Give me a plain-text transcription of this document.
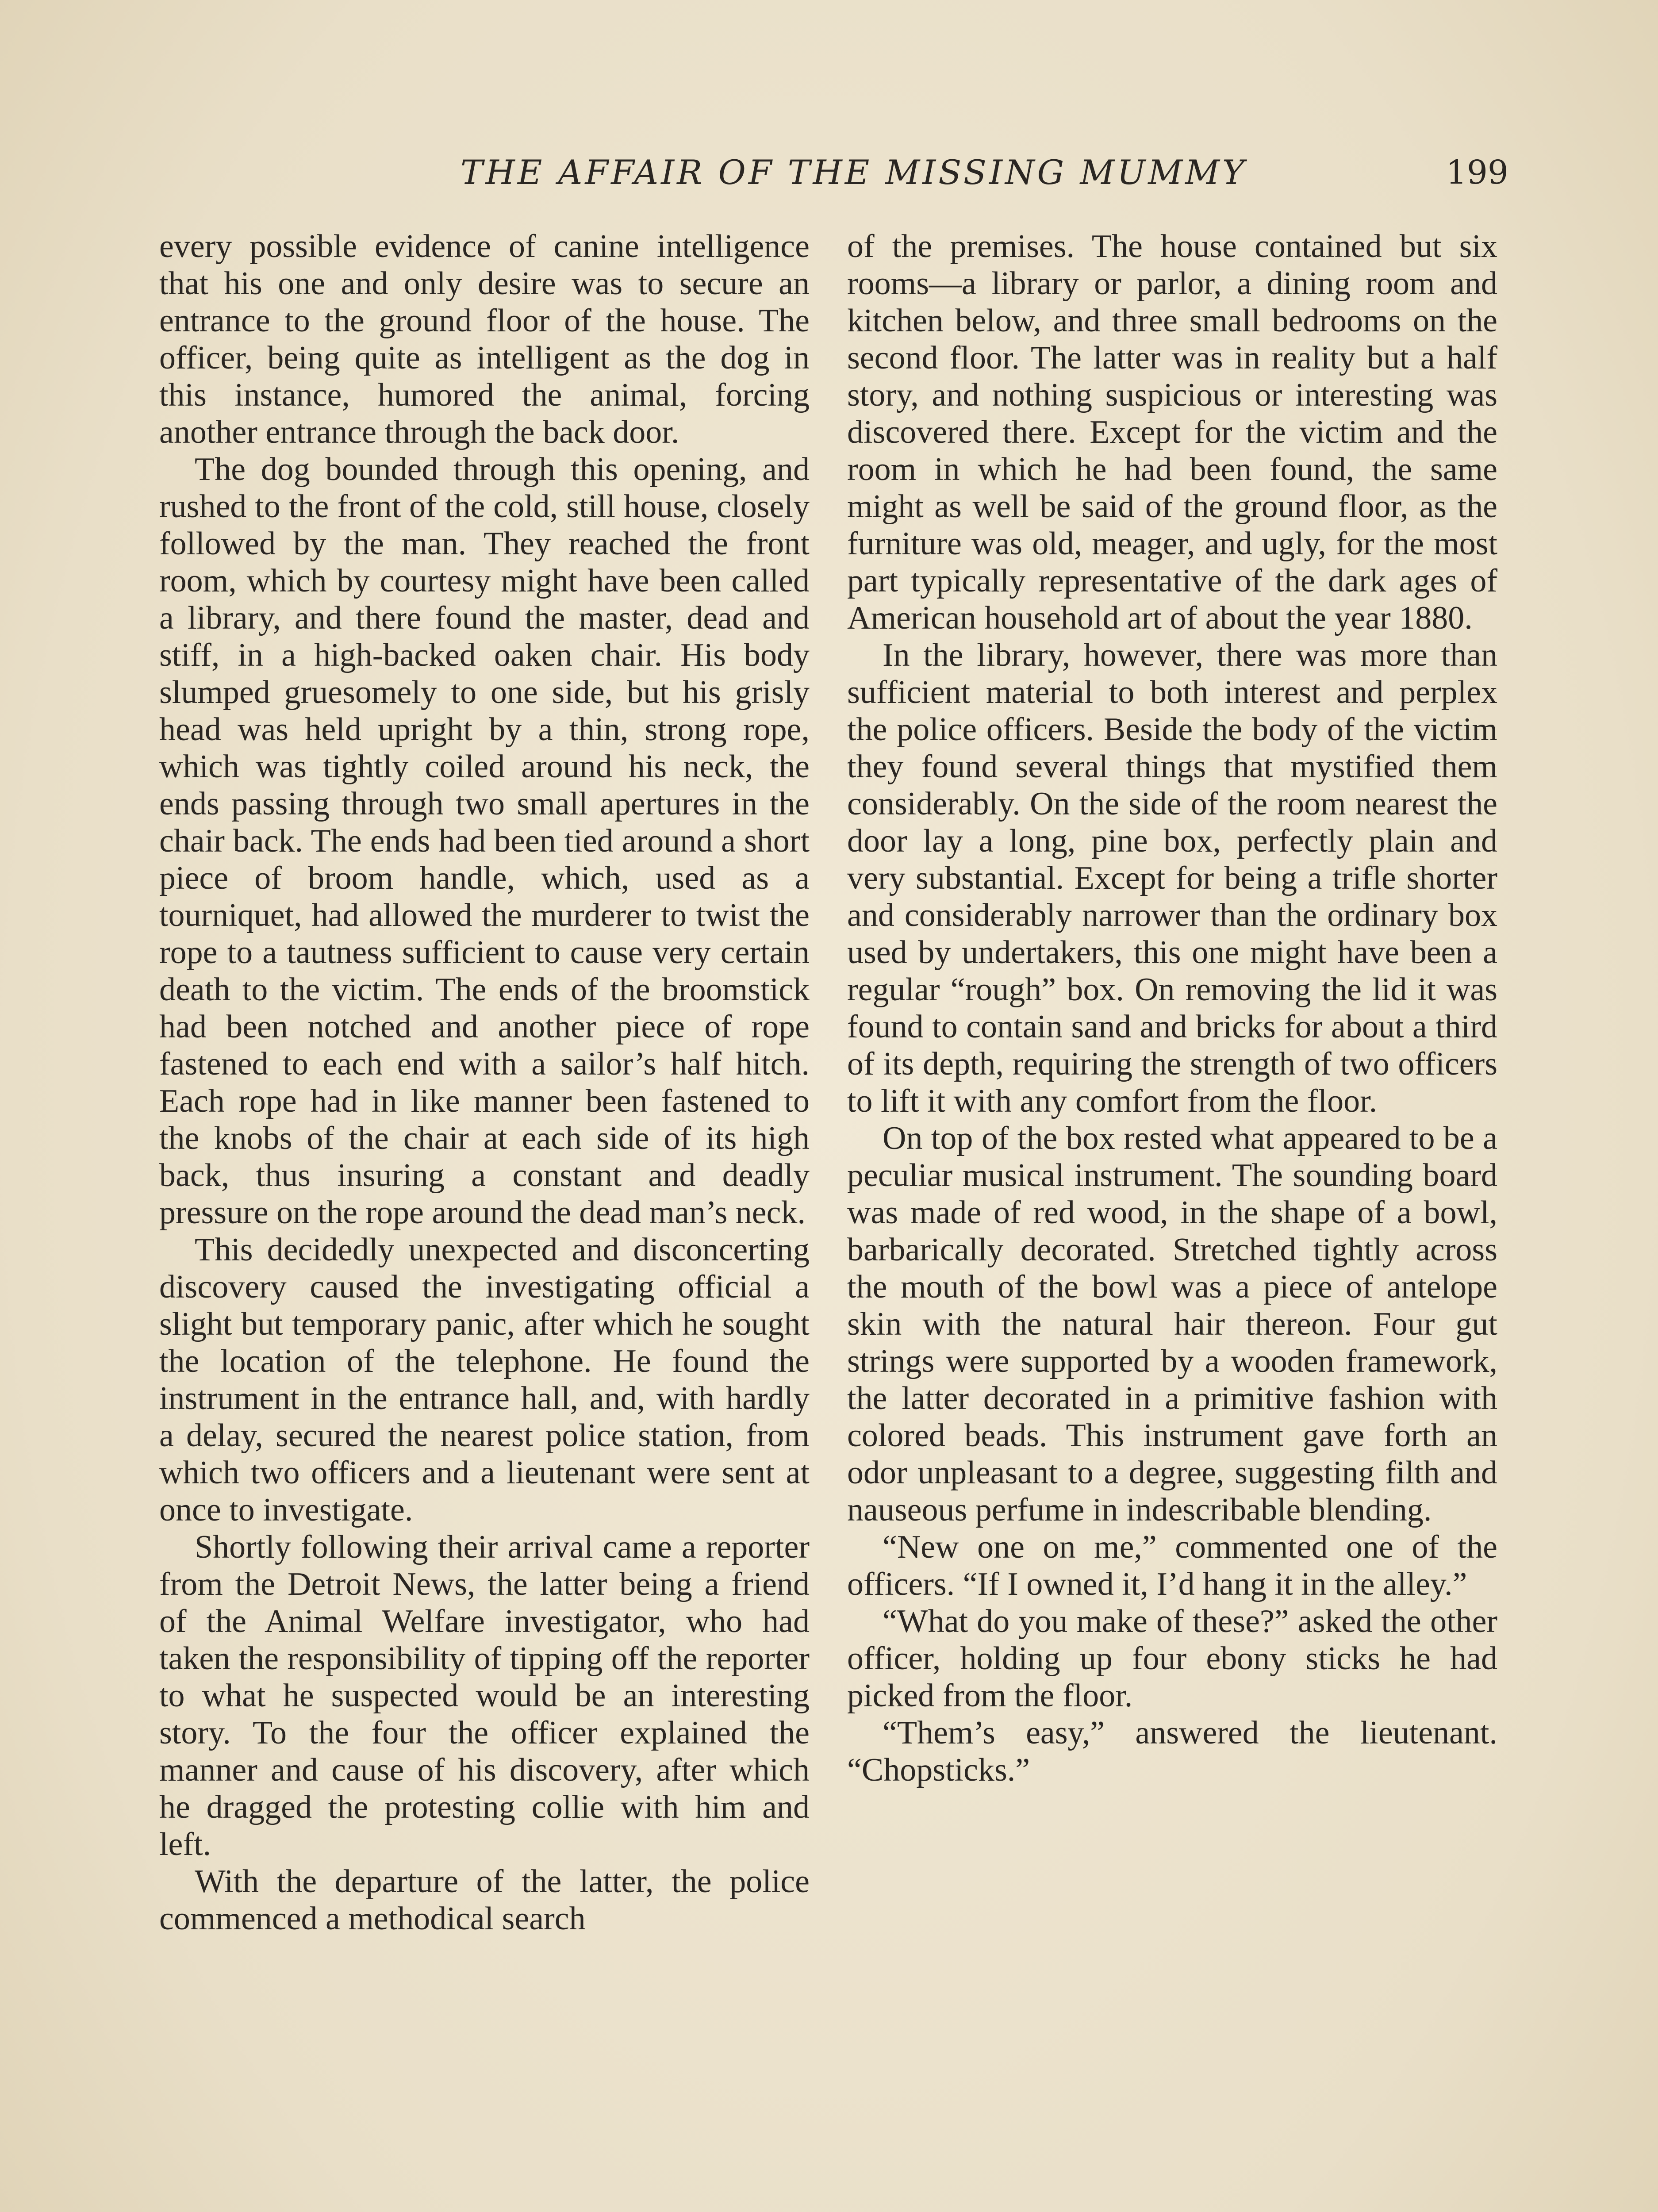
THE AFFAIR OF THE MISSING MUMMY	199

every possible evidence of canine intelligence that his one and only desire was to secure an entrance to the ground floor of the house. The officer, being quite as intelligent as the dog in this instance, humored the animal, forcing another entrance through the back door.

The dog bounded through this opening, and rushed to the front of the cold, still house, closely followed by the man. They reached the front room, which by courtesy might have been called a library, and there found the master, dead and stiff, in a high-backed oaken chair. His body slumped gruesomely to one side, but his grisly head was held upright by a thin, strong rope, which was tightly coiled around his neck, the ends passing through two small apertures in the chair back. The ends had been tied around a short piece of broom handle, which, used as a tourniquet, had allowed the murderer to twist the rope to a tautness sufficient to cause very certain death to the victim. The ends of the broomstick had been notched and another piece of rope fastened to each end with a sailor’s half hitch. Each rope had in like manner been fastened to the knobs of the chair at each side of its high back, thus insuring a constant and deadly pressure on the rope around the dead man’s neck.

This decidedly unexpected and disconcerting discovery caused the investigating official a slight but temporary panic, after which he sought the location of the telephone. He found the instrument in the entrance hall, and, with hardly a delay, secured the nearest police station, from which two officers and a lieutenant were sent at once to investigate.

Shortly following their arrival came a reporter from the Detroit News, the latter being a friend of the Animal Welfare investigator, who had taken the responsibility of tipping off the reporter to what he suspected would be an interesting story. To the four the officer explained the manner and cause of his discovery, after which he dragged the protesting collie with him and left.

With the departure of the latter, the police commenced a methodical search

of the premises. The house contained but six rooms—a library or parlor, a dining room and kitchen below, and three small bedrooms on the second floor. The latter was in reality but a half story, and nothing suspicious or interesting was discovered there. Except for the victim and the room in which he had been found, the same might as well be said of the ground floor, as the furniture was old, meager, and ugly, for the most part typically representative of the dark ages of American household art of about the year 1880.

In the library, however, there was more than sufficient material to both interest and perplex the police officers. Beside the body of the victim they found several things that mystified them considerably. On the side of the room nearest the door lay a long, pine box, perfectly plain and very substantial. Except for being a trifle shorter and considerably narrower than the ordinary box used by undertakers, this one might have been a regular “rough” box. On removing the lid it was found to contain sand and bricks for about a third of its depth, requiring the strength of two officers to lift it with any comfort from the floor.

On top of the box rested what appeared to be a peculiar musical instrument. The sounding board was made of red wood, in the shape of a bowl, barbarically decorated. Stretched tightly across the mouth of the bowl was a piece of antelope skin with the natural hair thereon. Four gut strings were supported by a wooden framework, the latter decorated in a primitive fashion with colored beads. This instrument gave forth an odor unpleasant to a degree, suggesting filth and nauseous perfume in indescribable blending.

“New one on me,” commented one of the officers. “If I owned it, I’d hang it in the alley.”

“What do you make of these?” asked the other officer, holding up four ebony sticks he had picked from the floor.

“Them’s easy,” answered the lieutenant. “Chopsticks.”
